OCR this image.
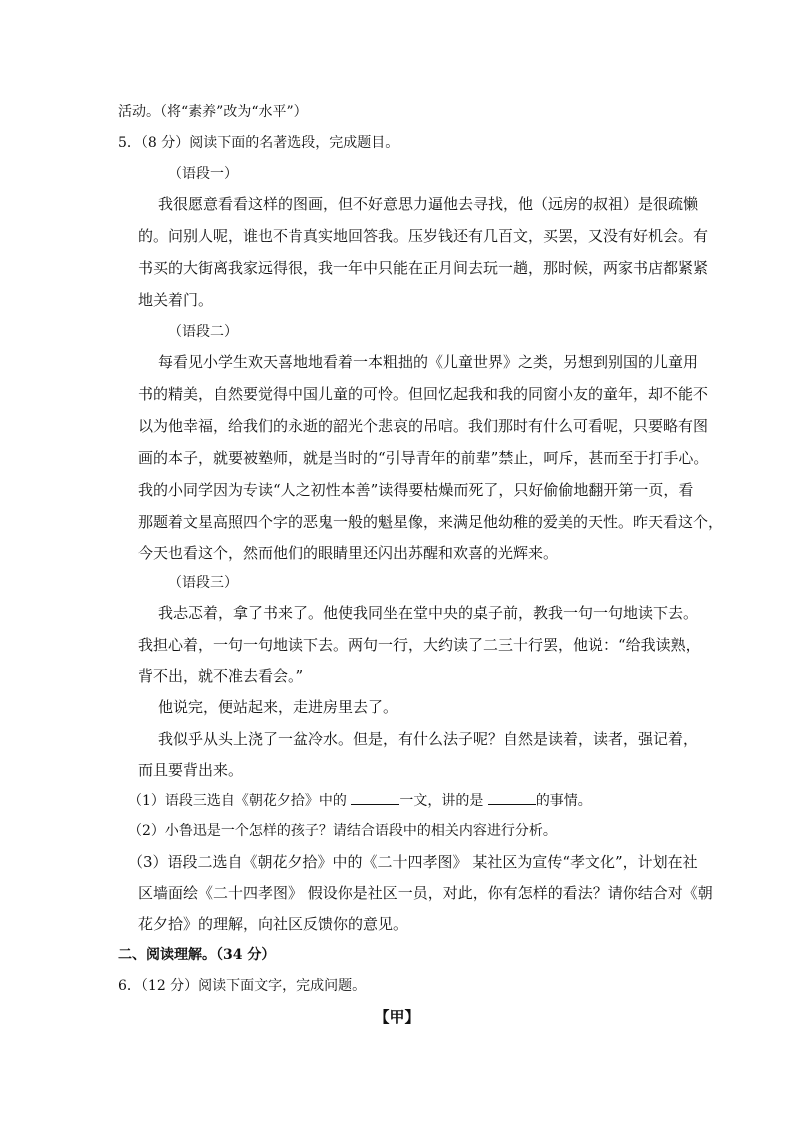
活动。（将“素养”改为“水平”）
5．（8 分）阅读下面的名著选段，完成题目。
（语段一）
我很愿意看看这样的图画，但不好意思力逼他去寻找，他（远房的叔祖）是很疏懒
的。问别人呢，谁也不肯真实地回答我。压岁钱还有几百文，买罢，又没有好机会。有
书买的大街离我家远得很，我一年中只能在正月间去玩一趟，那时候，两家书店都紧紧
地关着门。
（语段二）
每看见小学生欢天喜地地看着一本粗拙的《儿童世界》之类，另想到别国的儿童用
书的精美，自然要觉得中国儿童的可怜。但回忆起我和我的同窗小友的童年，却不能不
以为他幸福，给我们的永逝的韶光个悲哀的吊唁。我们那时有什么可看呢，只要略有图
画的本子，就要被塾师，就是当时的“引导青年的前辈”禁止，呵斥，甚而至于打手心。
我的小同学因为专读“人之初性本善”读得要枯燥而死了，只好偷偷地翻开第一页，看
那题着文星高照四个字的恶鬼一般的魁星像，来满足他幼稚的爱美的天性。昨天看这个，
今天也看这个，然而他们的眼睛里还闪出苏醒和欢喜的光辉来。
（语段三）
我忐忑着，拿了书来了。他使我同坐在堂中央的桌子前，教我一句一句地读下去。
我担心着，一句一句地读下去。两句一行，大约读了二三十行罢，他说：“给我读熟，
背不出，就不准去看会。”
他说完，便站起来，走进房里去了。
我似乎从头上浇了一盆冷水。但是，有什么法子呢？自然是读着，读者，强记着，
而且要背出来。
（1）语段三选自《朝花夕拾》中的	一文，讲的是	的事情。
（2）小鲁迅是一个怎样的孩子？请结合语段中的相关内容进行分析。
（3）语段二选自《朝花夕拾》中的《二十四孝图》 某社区为宣传“孝文化”，计划在社
区墙面绘《二十四孝图》 假设你是社区一员，对此，你有怎样的看法？请你结合对《朝
花夕拾》的理解，向社区反馈你的意见。
二、阅读理解。（34 分）
6．（12 分）阅读下面文字，完成问题。
【甲】
